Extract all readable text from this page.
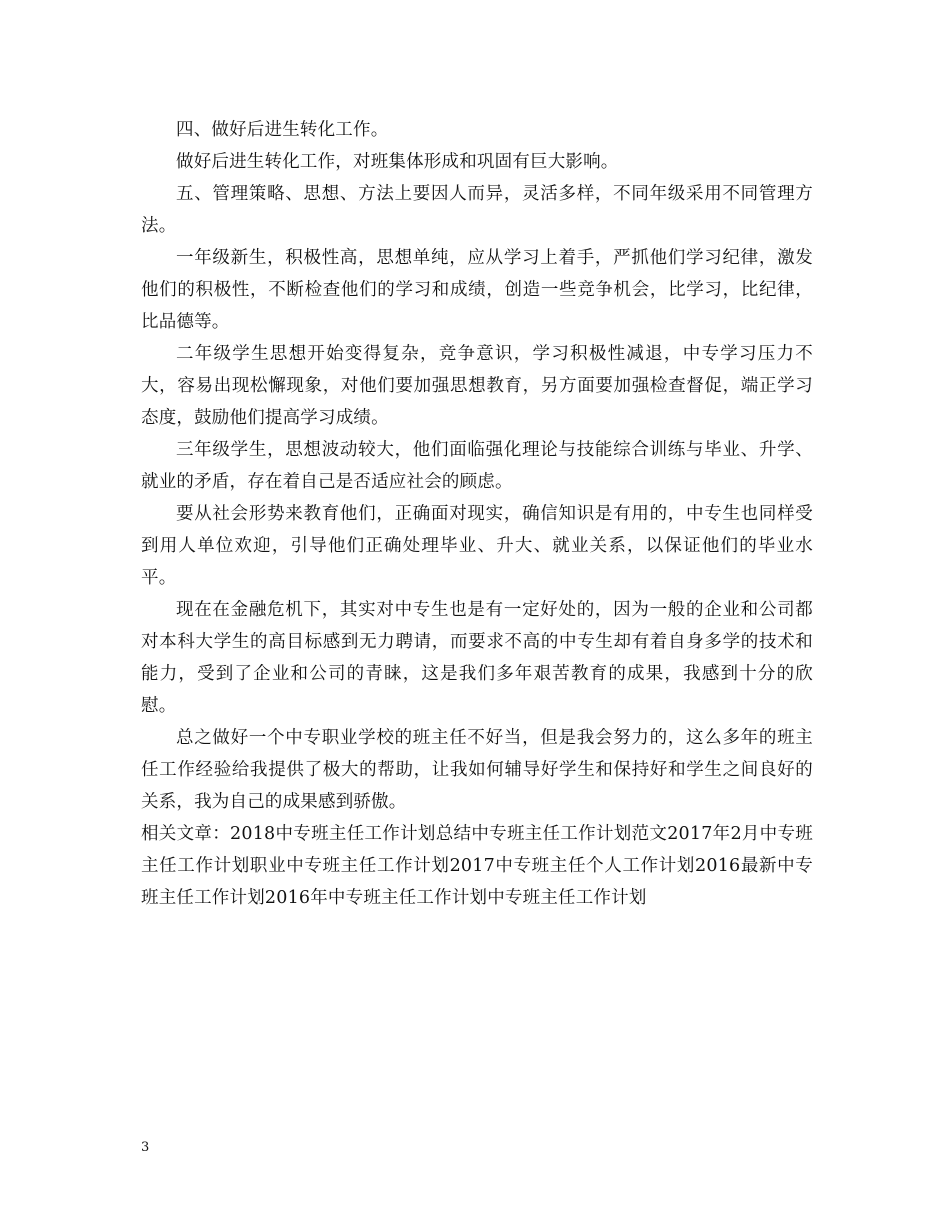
四、做好后进生转化工作。

做好后进生转化工作，对班集体形成和巩固有巨大影响。

五、管理策略、思想、方法上要因人而异，灵活多样，不同年级采用不同管理方法。

一年级新生，积极性高，思想单纯，应从学习上着手，严抓他们学习纪律，激发他们的积极性，不断检查他们的学习和成绩，创造一些竞争机会，比学习，比纪律，比品德等。

二年级学生思想开始变得复杂，竞争意识，学习积极性减退，中专学习压力不大，容易出现松懈现象，对他们要加强思想教育，另方面要加强检查督促，端正学习态度，鼓励他们提高学习成绩。

三年级学生，思想波动较大，他们面临强化理论与技能综合训练与毕业、升学、就业的矛盾，存在着自己是否适应社会的顾虑。

要从社会形势来教育他们，正确面对现实，确信知识是有用的，中专生也同样受到用人单位欢迎，引导他们正确处理毕业、升大、就业关系，以保证他们的毕业水平。

现在在金融危机下，其实对中专生也是有一定好处的，因为一般的企业和公司都对本科大学生的高目标感到无力聘请，而要求不高的中专生却有着自身多学的技术和能力，受到了企业和公司的青睐，这是我们多年艰苦教育的成果，我感到十分的欣慰。

总之做好一个中专职业学校的班主任不好当，但是我会努力的，这么多年的班主任工作经验给我提供了极大的帮助，让我如何辅导好学生和保持好和学生之间良好的关系，我为自己的成果感到骄傲。

相关文章：2018中专班主任工作计划总结中专班主任工作计划范文2017年2月中专班主任工作计划职业中专班主任工作计划2017中专班主任个人工作计划2016最新中专班主任工作计划2016年中专班主任工作计划中专班主任工作计划

3
